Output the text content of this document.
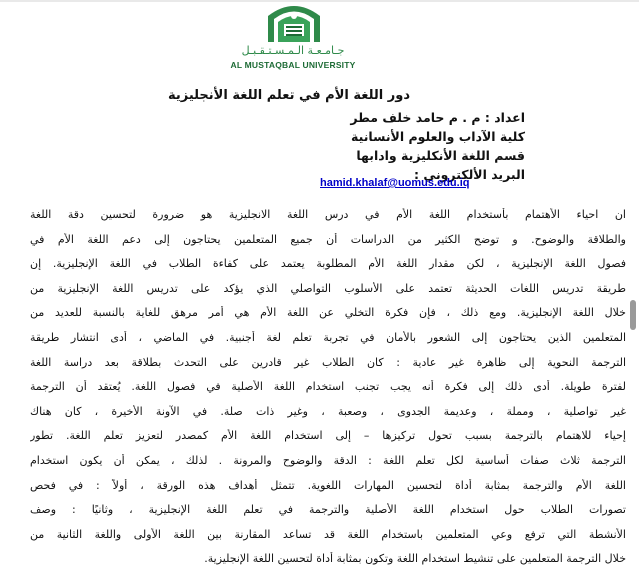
جـامـعـة الـمـسـتـقـبـل
AL MUSTAQBAL UNIVERSITY
دور اللغة الأم في تعلم اللغة الأنجليزية
اعداد : م . م حامد خلف مطر
كلية الآداب والعلوم الأنسانية
قسم اللغة الأنكليزية وادابها
البريد الألكتروني :
hamid.khalaf@uomus.edu.iq
ان احياء الأهتمام بأستخدام اللغة الأم في درس اللغة الانجليزية هو ضرورة لتحسين دقة اللغة
والطلاقة والوضوح. و توضح الكثير من الدراسات أن جميع المتعلمين يحتاجون إلى دعم اللغة الأم في
فصول اللغة الإنجليزية ، لكن مقدار اللغة الأم المطلوبة يعتمد على كفاءة الطلاب في اللغة الإنجليزية. إن
طريقة تدريس اللغات الحديثة تعتمد على الأسلوب التواصلي الذي يؤكد على تدريس اللغة الإنجليزية من
خلال اللغة الإنجليزية. ومع ذلك ، فإن فكرة التخلي عن اللغة الأم هي أمر مرهق للغاية بالنسبة للعديد من
المتعلمين الذين يحتاجون إلى الشعور بالأمان في تجربة تعلم لغة أجنبية. في الماضي ، أدى انتشار طريقة
الترجمة النحوية إلى ظاهرة غير عادية : كان الطلاب غير قادرين على التحدث بطلاقة بعد دراسة اللغة
لفترة طويلة. أدى ذلك إلى فكرة أنه يجب تجنب استخدام اللغة الأصلية في فصول اللغة. يُعتقد أن الترجمة
غير تواصلية ، ومملة ، وعديمة الجدوى ، وصعبة ، وغير ذات صلة. في الآونة الأخيرة ، كان هناك
إحياء للاهتمام بالترجمة بسبب تحول تركيزها – إلى استخدام اللغة الأم كمصدر لتعزيز تعلم اللغة. تطور
الترجمة ثلاث صفات أساسية لكل تعلم اللغة : الدقة والوضوح والمرونة . لذلك ، يمكن أن يكون استخدام
اللغة الأم والترجمة بمثابة أداة لتحسين المهارات اللغوية. تتمثل أهداف هذه الورقة ، أولاً : في فحص
تصورات الطلاب حول استخدام اللغة الأصلية والترجمة في تعلم اللغة الإنجليزية ، وثانيًا : وصف
الأنشطة التي ترفع وعي المتعلمين باستخدام اللغة قد تساعد المقارنة بين اللغة الأولى واللغة الثانية من
خلال الترجمة المتعلمين على تنشيط استخدام اللغة وتكون بمثابة أداة لتحسين اللغة الإنجليزية.
